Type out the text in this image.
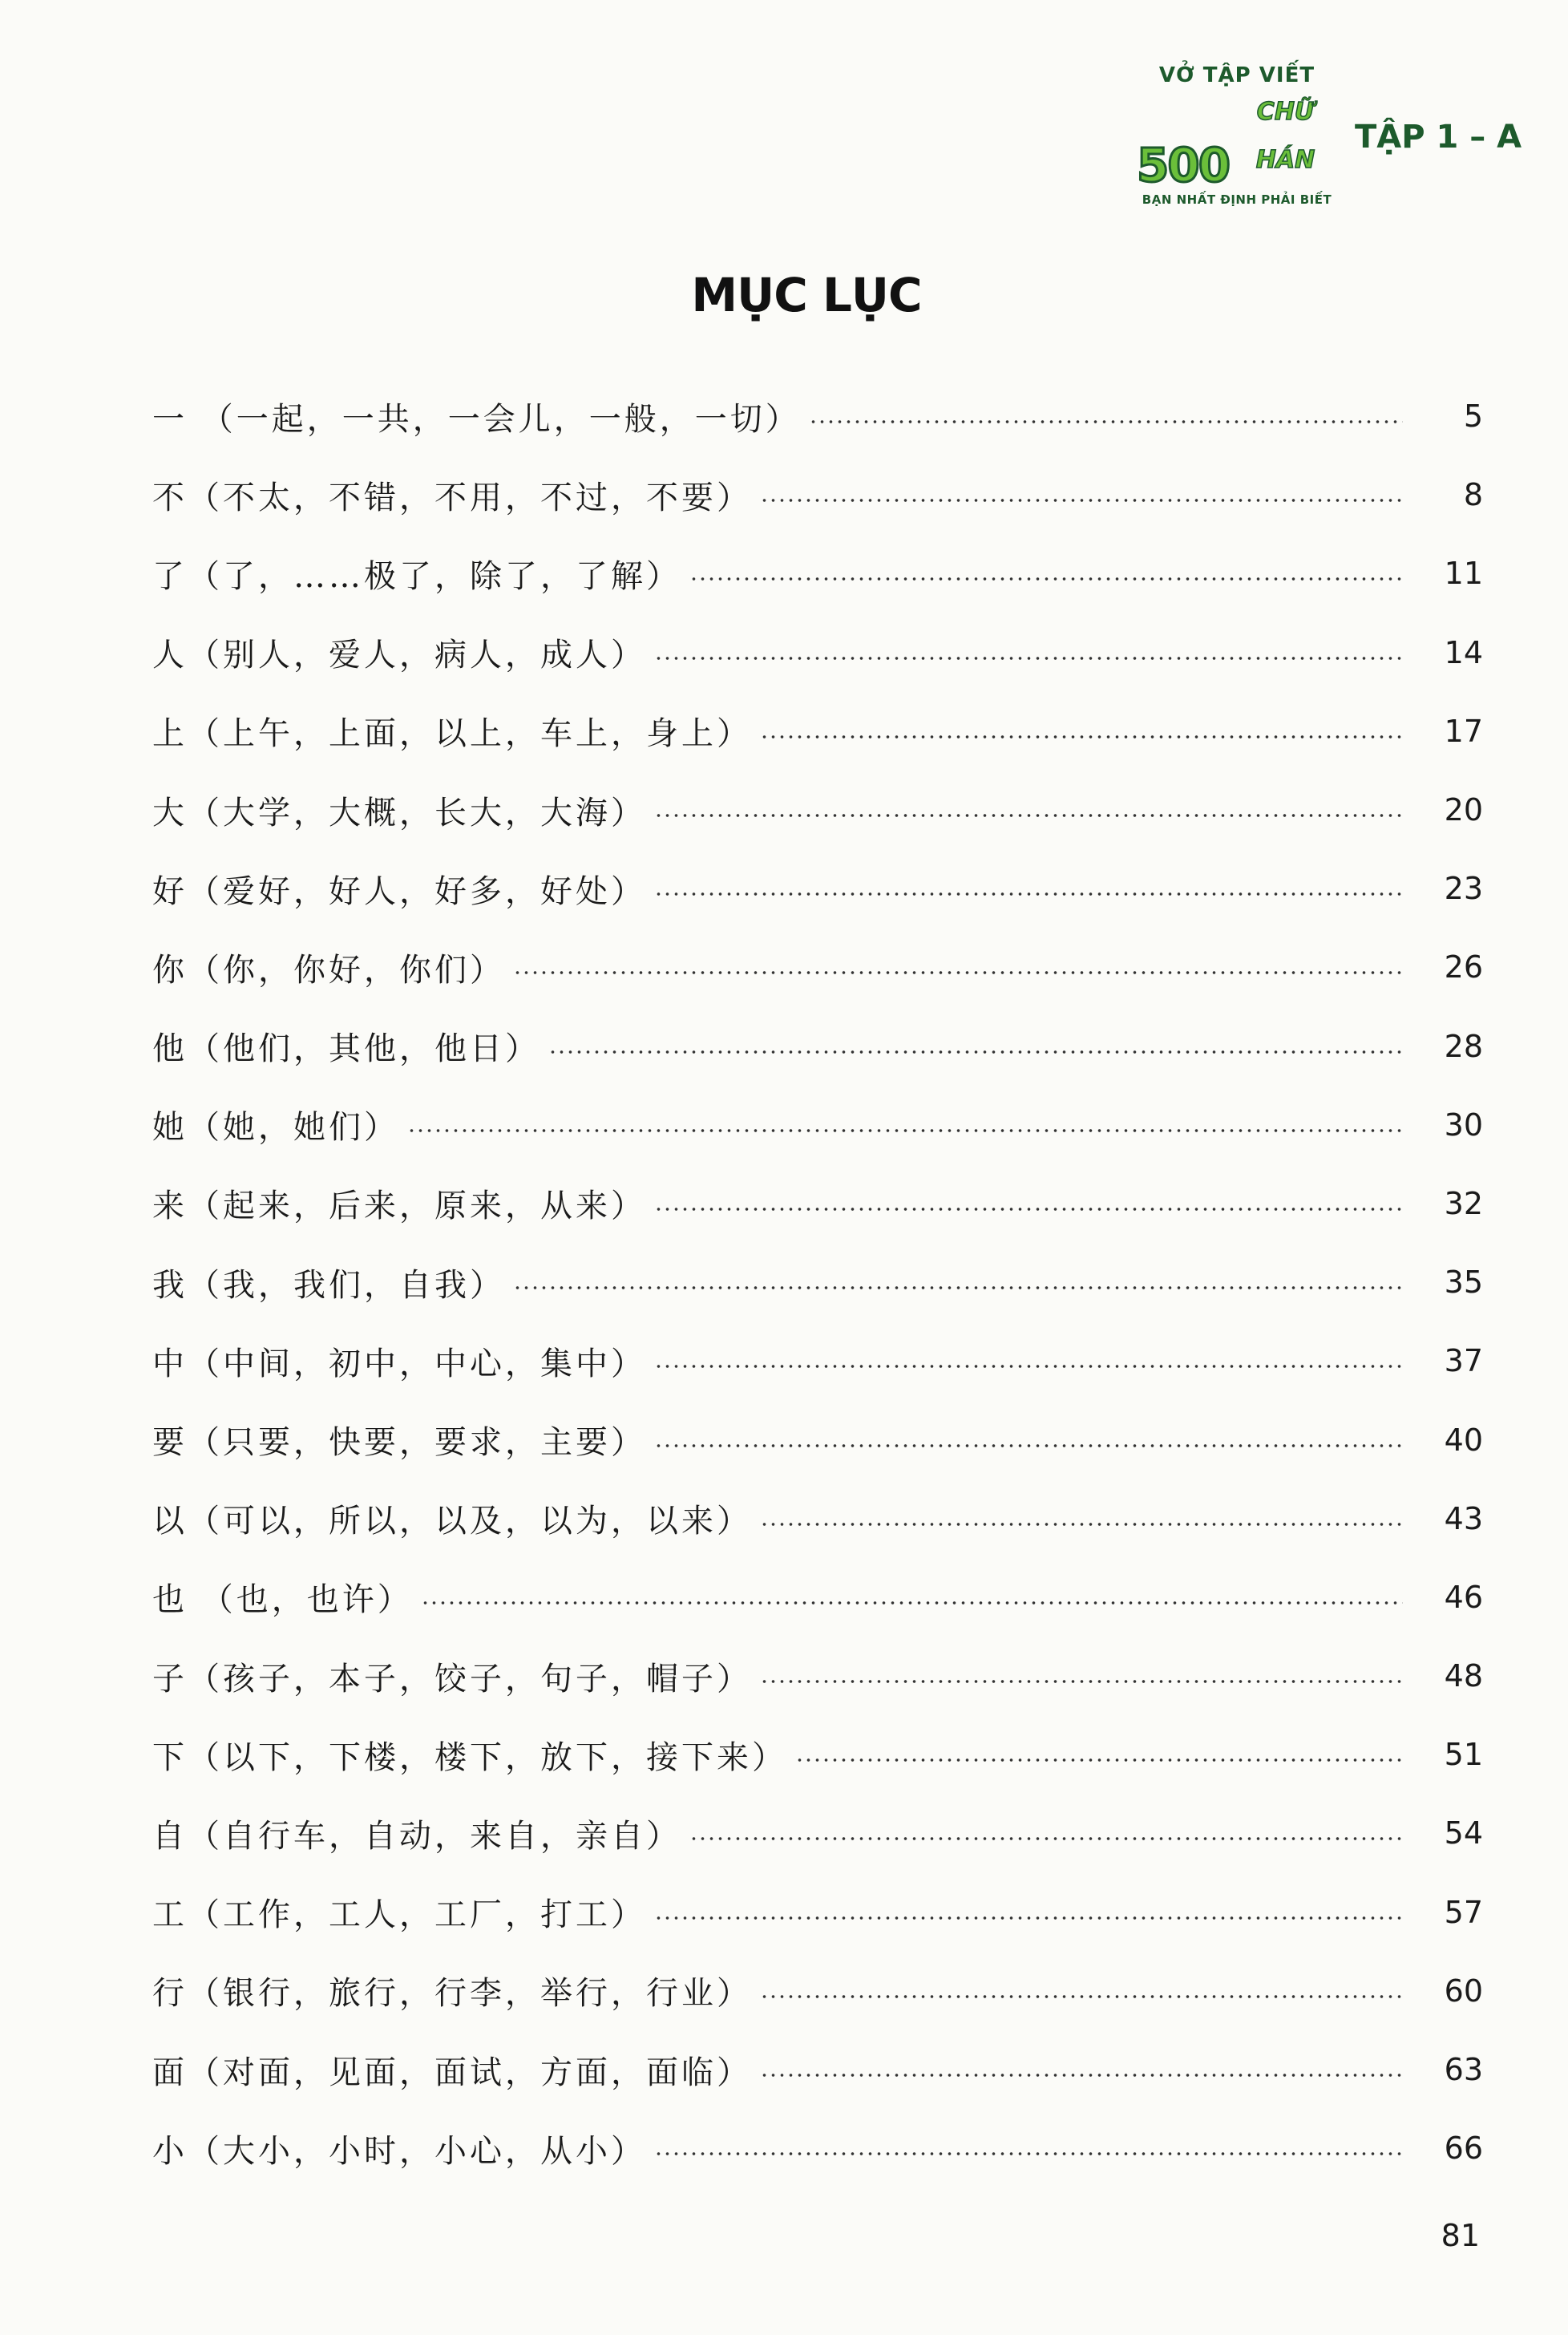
VỞ TẬP VIẾT
500
CHỮ HÁN
BẠN NHẤT ĐỊNH PHẢI BIẾT
TẬP 1 – A
MỤC LỤC
一 （一起，一共，一会儿，一般，一切）	5
不（不太，不错，不用，不过，不要）	8
了（了，……极了，除了，了解）	11
人（别人，爱人，病人，成人）	14
上（上午，上面，以上，车上，身上）	17
大（大学，大概，长大，大海）	20
好（爱好，好人，好多，好处）	23
你（你，你好，你们）	26
他（他们，其他，他日）	28
她（她，她们）	30
来（起来，后来，原来，从来）	32
我（我，我们，自我）	35
中（中间，初中，中心，集中）	37
要（只要，快要，要求，主要）	40
以（可以，所以，以及，以为，以来）	43
也 （也，也许）	46
子（孩子，本子，饺子，句子，帽子）	48
下（以下，下楼，楼下，放下，接下来）	51
自（自行车，自动，来自，亲自）	54
工（工作，工人，工厂，打工）	57
行（银行，旅行，行李，举行，行业）	60
面（对面，见面，面试，方面，面临）	63
小（大小，小时，小心，从小）	66
81
